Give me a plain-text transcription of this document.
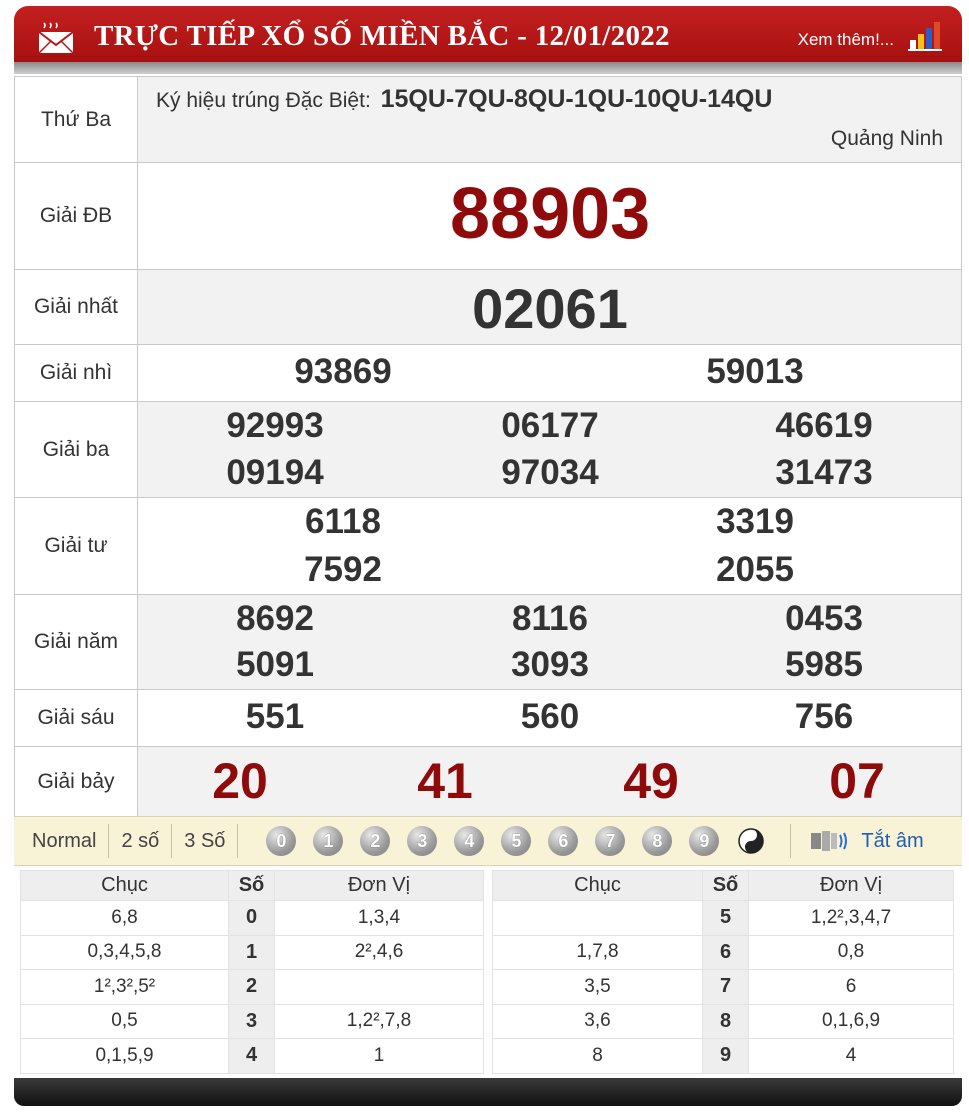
TRỰC TIẾP XỔ SỐ MIỀN BẮC - 12/01/2022	Xem thêm!...
Thứ Ba
Ký hiệu trúng Đặc Biệt: 15QU-7QU-8QU-1QU-10QU-14QU
Quảng Ninh
Giải ĐB	88903
Giải nhất	02061
Giải nhì	93869	59013
Giải ba
92993	06177	46619
09194	97034	31473
Giải tư
6118	3319
7592	2055
Giải năm
8692	8116	0453
5091	3093	5985
Giải sáu	551	560	756
Giải bảy	20	41	49	07
Normal	2 số	3 Số	0	1	2	3	4	5	6	7	8	9	Tắt âm
Chục	Số	Đơn Vị
6,8	0	1,3,4
0,3,4,5,8	1	2²,4,6
1²,3²,5²	2	
0,5	3	1,2²,7,8
0,1,5,9	4	1
Chục	Số	Đơn Vị
	5	1,2²,3,4,7
1,7,8	6	0,8
3,5	7	6
3,6	8	0,1,6,9
8	9	4
